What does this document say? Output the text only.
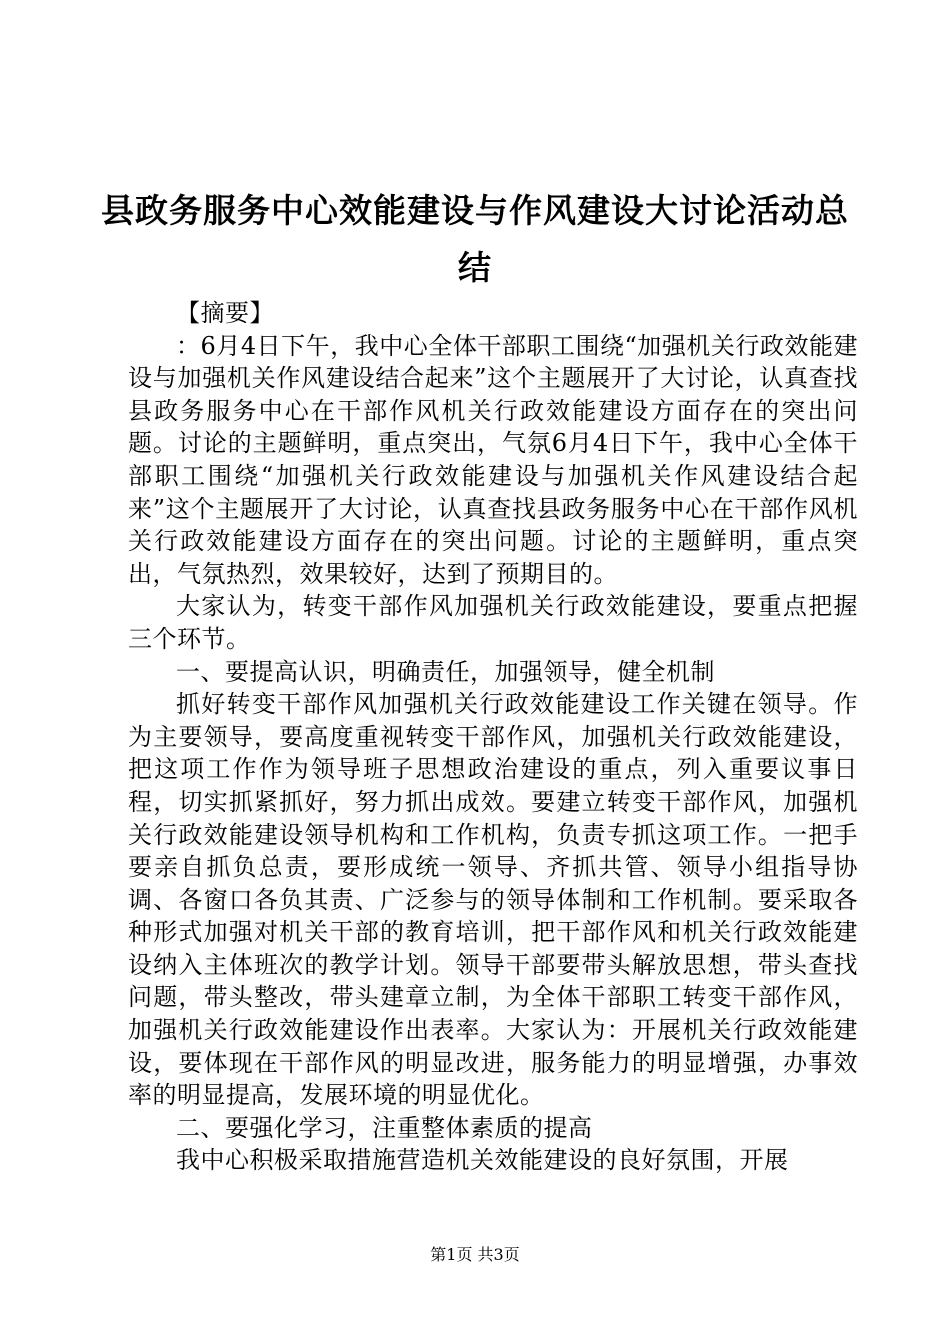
县政务服务中心效能建设与作风建设大讨论活动总结

【摘要】

：6月4日下午，我中心全体干部职工围绕“加强机关行政效能建设与加强机关作风建设结合起来”这个主题展开了大讨论，认真查找县政务服务中心在干部作风机关行政效能建设方面存在的突出问题。讨论的主题鲜明，重点突出，气氛6月4日下午，我中心全体干部职工围绕“加强机关行政效能建设与加强机关作风建设结合起来”这个主题展开了大讨论，认真查找县政务服务中心在干部作风机关行政效能建设方面存在的突出问题。讨论的主题鲜明，重点突出，气氛热烈，效果较好，达到了预期目的。

大家认为，转变干部作风加强机关行政效能建设，要重点把握三个环节。

一、要提高认识，明确责任，加强领导，健全机制

抓好转变干部作风加强机关行政效能建设工作关键在领导。作为主要领导，要高度重视转变干部作风，加强机关行政效能建设，把这项工作作为领导班子思想政治建设的重点，列入重要议事日程，切实抓紧抓好，努力抓出成效。要建立转变干部作风，加强机关行政效能建设领导机构和工作机构，负责专抓这项工作。一把手要亲自抓负总责，要形成统一领导、齐抓共管、领导小组指导协调、各窗口各负其责、广泛参与的领导体制和工作机制。要采取各种形式加强对机关干部的教育培训，把干部作风和机关行政效能建设纳入主体班次的教学计划。领导干部要带头解放思想，带头查找问题，带头整改，带头建章立制，为全体干部职工转变干部作风，加强机关行政效能建设作出表率。大家认为：开展机关行政效能建设，要体现在干部作风的明显改进，服务能力的明显增强，办事效率的明显提高，发展环境的明显优化。

二、要强化学习，注重整体素质的提高

我中心积极采取措施营造机关效能建设的良好氛围，开展

第1页 共3页
